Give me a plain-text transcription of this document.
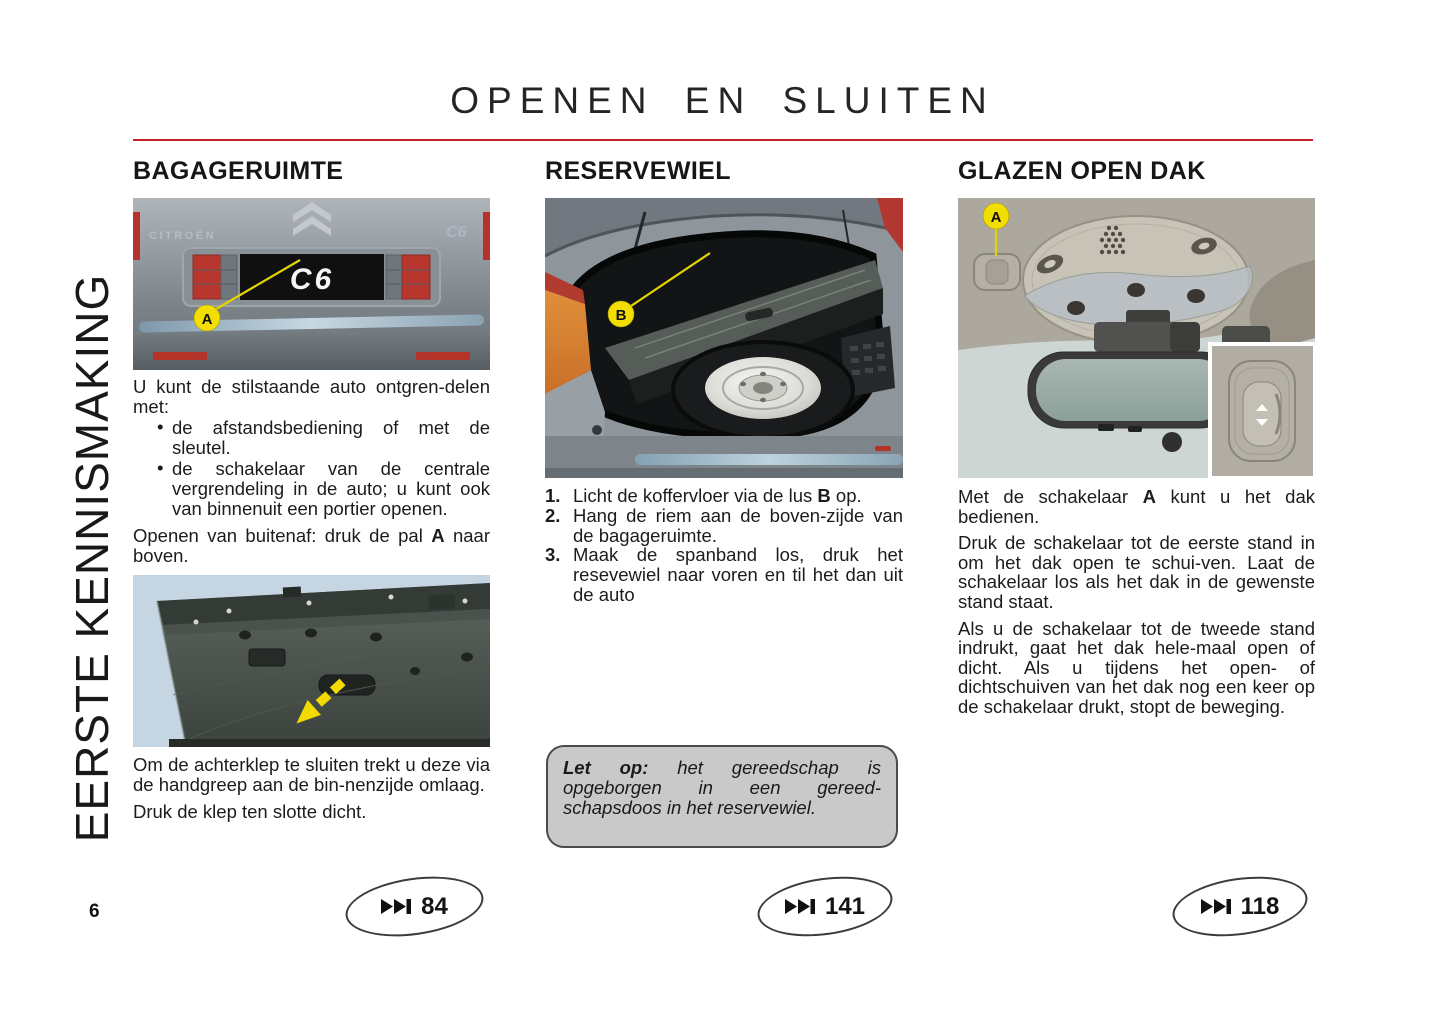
EERSTE KENNISMAKING
OPENEN EN SLUITEN
BAGAGERUIMTE
CITROËN	C6
C6
A

U kunt de stilstaande auto ontgren-delen met:

• de afstandsbediening of met de sleutel.
• de schakelaar van de centrale vergrendeling in de auto; u kunt ook van binnenuit een portier openen.

Openen van buitenaf: druk de pal A naar boven.

Om de achterklep te sluiten trekt u deze via de handgreep aan de bin-nenzijde omlaag.

Druk de klep ten slotte dicht.

RESERVEWIEL
B
1. Licht de koffervloer via de lus B op.
2. Hang de riem aan de boven-zijde van de bagageruimte.
3. Maak de spanband los, druk het resevewiel naar voren en til het dan uit de auto
Let op: het gereedschap is opgeborgen in een gereed-schapsdoos in het reservewiel.
GLAZEN OPEN DAK
A

Met de schakelaar A kunt u het dak bedienen.

Druk de schakelaar tot de eerste stand in om het dak open te schui-ven. Laat de schakelaar los als het dak in de gewenste stand staat.

Als u de schakelaar tot de tweede stand indrukt, gaat het dak hele-maal open of dicht. Als u tijdens het open- of dichtschuiven van het dak nog een keer op de schakelaar drukt, stopt de beweging.

6	84	141	118
